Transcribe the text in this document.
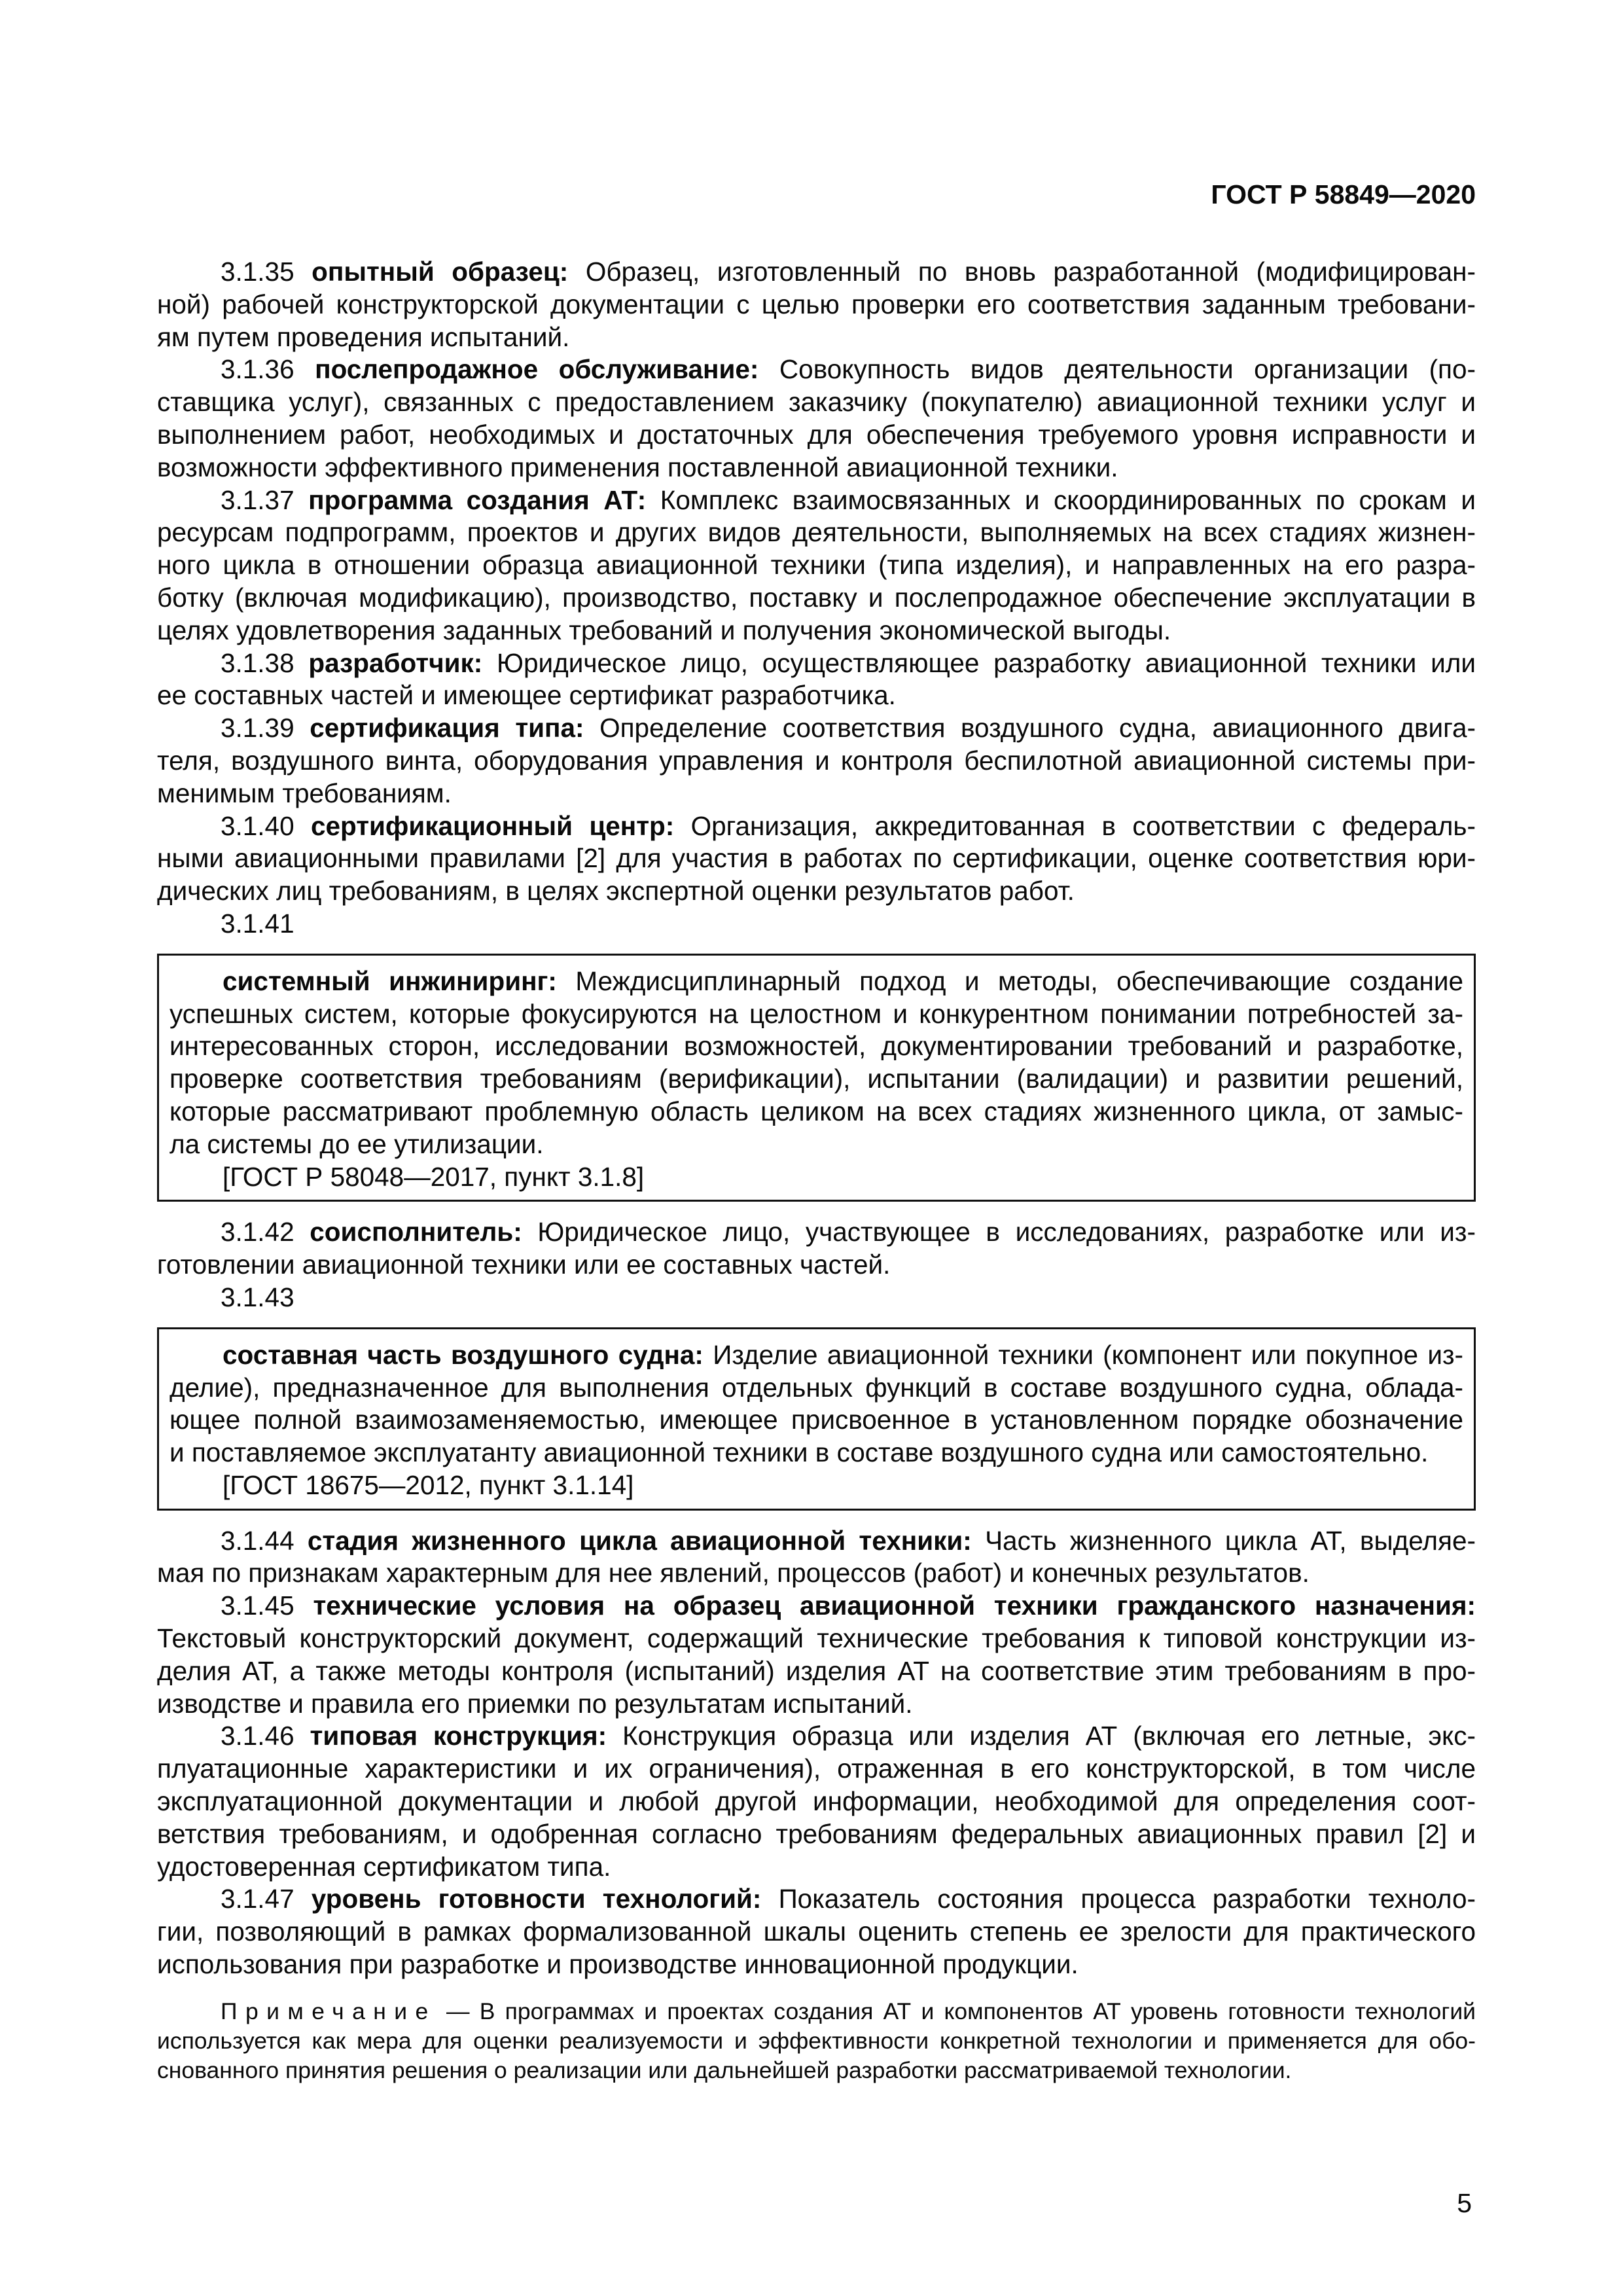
ГОСТ Р 58849—2020
3.1.35 опытный образец: Образец, изготовленный по вновь разработанной (модифицирован-
ной) рабочей конструкторской документации с целью проверки его соответствия заданным требовани-
ям путем проведения испытаний.
3.1.36 послепродажное обслуживание: Совокупность видов деятельности организации (по-
ставщика услуг), связанных с предоставлением заказчику (покупателю) авиационной техники услуг и
выполнением работ, необходимых и достаточных для обеспечения требуемого уровня исправности и
возможности эффективного применения поставленной авиационной техники.
3.1.37 программа создания АТ: Комплекс взаимосвязанных и скоординированных по срокам и
ресурсам подпрограмм, проектов и других видов деятельности, выполняемых на всех стадиях жизнен-
ного цикла в отношении образца авиационной техники (типа изделия), и направленных на его разра-
ботку (включая модификацию), производство, поставку и послепродажное обеспечение эксплуатации в
целях удовлетворения заданных требований и получения экономической выгоды.
3.1.38 разработчик: Юридическое лицо, осуществляющее разработку авиационной техники или
ее составных частей и имеющее сертификат разработчика.
3.1.39 сертификация типа: Определение соответствия воздушного судна, авиационного двига-
теля, воздушного винта, оборудования управления и контроля беспилотной авиационной системы при-
менимым требованиям.
3.1.40 сертификационный центр: Организация, аккредитованная в соответствии с федераль-
ными авиационными правилами [2] для участия в работах по сертификации, оценке соответствия юри-
дических лиц требованиям, в целях экспертной оценки результатов работ.
3.1.41
системный инжиниринг: Междисциплинарный подход и методы, обеспечивающие создание
успешных систем, которые фокусируются на целостном и конкурентном понимании потребностей за-
интересованных сторон, исследовании возможностей, документировании требований и разработке,
проверке соответствия требованиям (верификации), испытании (валидации) и развитии решений,
которые рассматривают проблемную область целиком на всех стадиях жизненного цикла, от замыс-
ла системы до ее утилизации.
[ГОСТ Р 58048—2017, пункт 3.1.8]
3.1.42 соисполнитель: Юридическое лицо, участвующее в исследованиях, разработке или из-
готовлении авиационной техники или ее составных частей.
3.1.43
составная часть воздушного судна: Изделие авиационной техники (компонент или покупное из-
делие), предназначенное для выполнения отдельных функций в составе воздушного судна, облада-
ющее полной взаимозаменяемостью, имеющее присвоенное в установленном порядке обозначение
и поставляемое эксплуатанту авиационной техники в составе воздушного судна или самостоятельно.
[ГОСТ 18675—2012, пункт 3.1.14]
3.1.44 стадия жизненного цикла авиационной техники: Часть жизненного цикла АТ, выделяе-
мая по признакам характерным для нее явлений, процессов (работ) и конечных результатов.
3.1.45 технические условия на образец авиационной техники гражданского назначения:
Текстовый конструкторский документ, содержащий технические требования к типовой конструкции из-
делия АТ, а также методы контроля (испытаний) изделия АТ на соответствие этим требованиям в про-
изводстве и правила его приемки по результатам испытаний.
3.1.46 типовая конструкция: Конструкция образца или изделия АТ (включая его летные, экс-
плуатационные характеристики и их ограничения), отраженная в его конструкторской, в том числе
эксплуатационной документации и любой другой информации, необходимой для определения соот-
ветствия требованиям, и одобренная согласно требованиям федеральных авиационных правил [2] и
удостоверенная сертификатом типа.
3.1.47 уровень готовности технологий: Показатель состояния процесса разработки техноло-
гии, позволяющий в рамках формализованной шкалы оценить степень ее зрелости для практического
использования при разработке и производстве инновационной продукции.
Примечание — В программах и проектах создания АТ и компонентов АТ уровень готовности технологий
используется как мера для оценки реализуемости и эффективности конкретной технологии и применяется для обо-
снованного принятия решения о реализации или дальнейшей разработки рассматриваемой технологии.
5
